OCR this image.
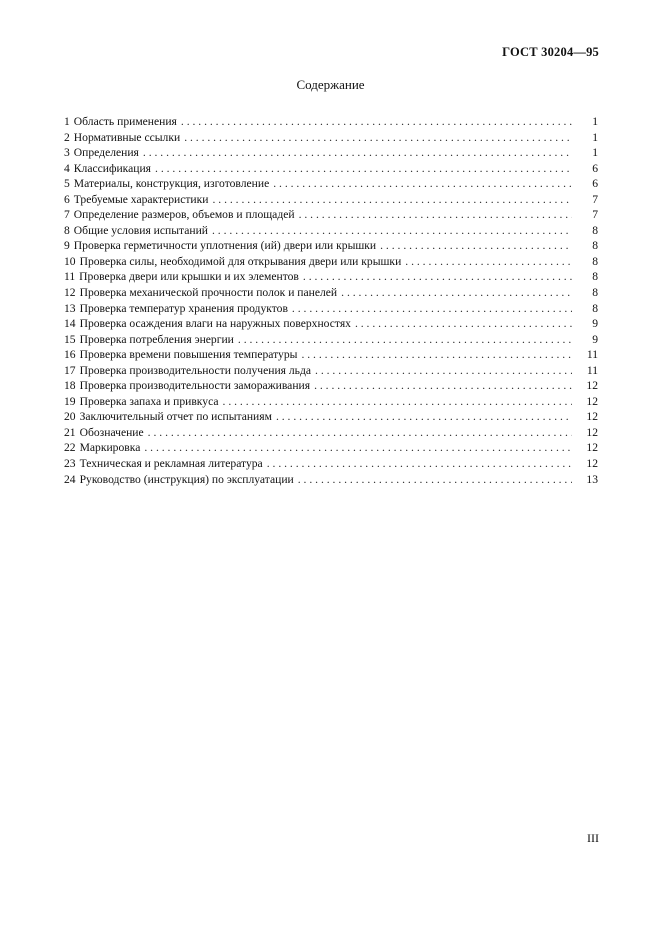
ГОСТ 30204—95
Содержание
1 Область применения . . .	1
2 Нормативные ссылки . . .	1
3 Определения . . .	1
4 Классификация . . .	6
5 Материалы, конструкция, изготовление . . .	6
6 Требуемые характеристики . . .	7
7 Определение размеров, объемов и площадей . . .	7
8 Общие условия испытаний . . .	8
9 Проверка герметичности уплотнения (ий) двери или крышки . . .	8
10 Проверка силы, необходимой для открывания двери или крышки . . .	8
11 Проверка двери или крышки и их элементов . . .	8
12 Проверка механической прочности полок и панелей . . .	8
13 Проверка температур хранения продуктов . . .	8
14 Проверка осаждения влаги на наружных поверхностях . . .	9
15 Проверка потребления энергии . . .	9
16 Проверка времени повышения температуры . . .	11
17 Проверка производительности получения льда . . .	11
18 Проверка производительности замораживания . . .	12
19 Проверка запаха и привкуса . . .	12
20 Заключительный отчет по испытаниям . . .	12
21 Обозначение . . .	12
22 Маркировка . . .	12
23 Техническая и рекламная литература . . .	12
24 Руководство (инструкция) по эксплуатации . . .	13
III
